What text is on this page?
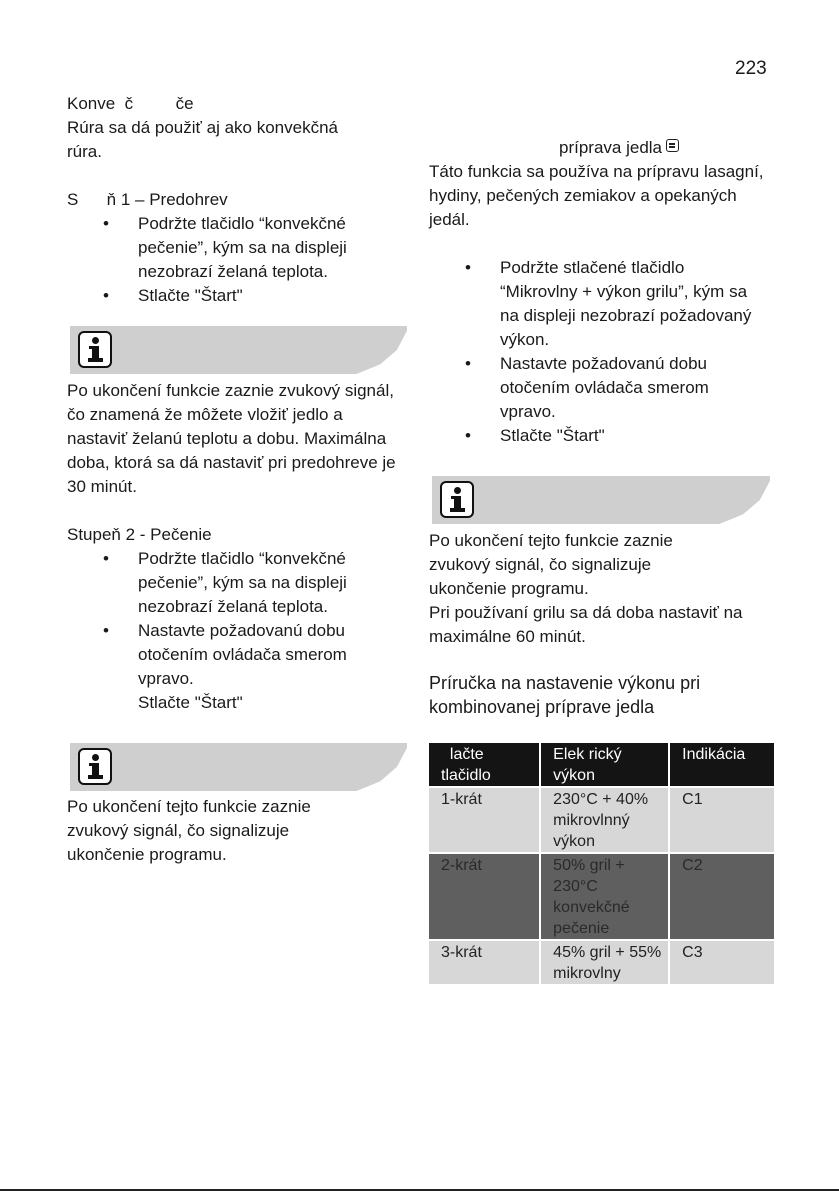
223
Konve  č         če

Rúra sa dá použiť aj ako konvekčná rúra.

S      ň 1 – Predohrev
• Podržte tlačidlo “konvekčné pečenie”, kým sa na displeji nezobrazí želaná teplota.
• Stlačte "Štart"

Po ukončení funkcie zaznie zvukový signál, čo znamená že môžete vložiť jedlo a nastaviť želanú teplotu a dobu. Maximálna doba, ktorá sa dá nastaviť pri predohreve je 30 minút.

Stupeň 2 - Pečenie
• Podržte tlačidlo “konvekčné pečenie”, kým sa na displeji nezobrazí želaná teplota.
• Nastavte požadovanú dobu otočením ovládača smerom vpravo.
Stlačte "Štart"

Po ukončení tejto funkcie zaznie zvukový signál, čo signalizuje ukončenie programu.

príprava jedla

Táto funkcia sa používa na prípravu lasagní, hydiny, pečených zemiakov a opekaných jedál.

• Podržte stlačené tlačidlo “Mikrovlny + výkon grilu”, kým sa na displeji nezobrazí požadovaný výkon.
• Nastavte požadovanú dobu otočením ovládača smerom vpravo.
• Stlačte "Štart"

Po ukončení tejto funkcie zaznie zvukový signál, čo signalizuje ukončenie programu.

Pri používaní grilu sa dá doba nastaviť na maximálne 60 minút.

Príručka na nastavenie výkonu pri kombinovanej príprave jedla
lačte tlačidlo	Elek rický výkon	Indikácia
1-krát	230°C + 40% mikrovlnný výkon	C1
2-krát	50% gril + 230°C konvekčné pečenie	C2
3-krát	45% gril + 55% mikrovlny	C3
